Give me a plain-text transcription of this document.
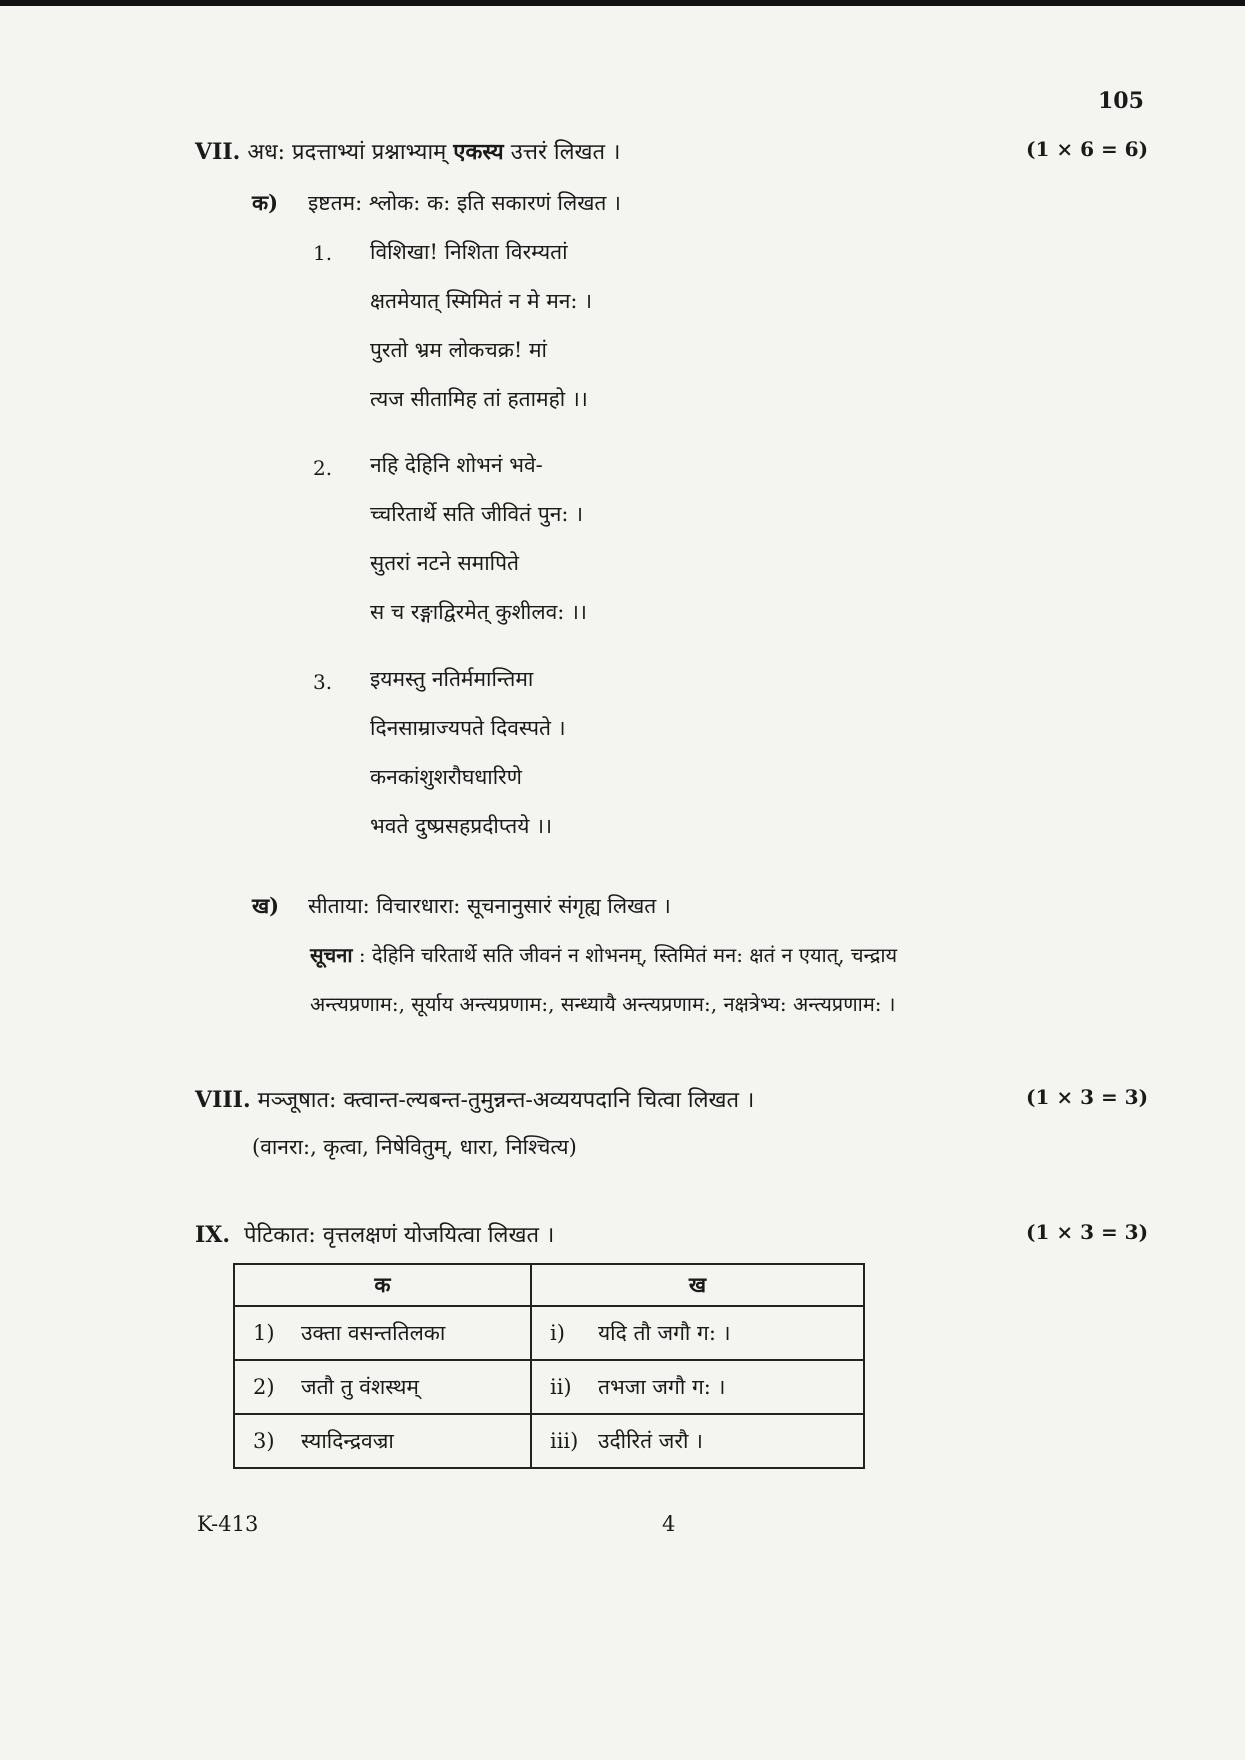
105
VII. अध: प्रदत्ताभ्यां प्रश्नाभ्याम् एकस्य उत्तरं लिखत ।	(1 × 6 = 6)
क) इष्टतम: श्लोक: क: इति सकारणं लिखत ।
1. विशिखा! निशिता विरम्यतां
क्षतमेयात् स्मिमितं न मे मन: ।
पुरतो भ्रम लोकचक्र! मां
त्यज सीतामिह तां हतामहो ।।
2. नहि देहिनि शोभनं भवे-
च्चरितार्थे सति जीवितं पुन: ।
सुतरां नटने समापिते
स च रङ्गाद्विरमेत् कुशीलव: ।।
3. इयमस्तु नतिर्ममान्तिमा
दिनसाम्राज्यपते दिवस्पते ।
कनकांशुशरौघधारिणे
भवते दुष्प्रसहप्रदीप्तये ।।
ख) सीताया: विचारधारा: सूचनानुसारं संगृह्य लिखत ।
सूचना : देहिनि चरितार्थे सति जीवनं न शोभनम्, स्तिमितं मन: क्षतं न एयात्, चन्द्राय
अन्त्यप्रणाम:, सूर्याय अन्त्यप्रणाम:, सन्ध्यायै अन्त्यप्रणाम:, नक्षत्रेभ्य: अन्त्यप्रणाम: ।
VIII. मञ्जूषात: क्त्वान्त-ल्यबन्त-तुमुन्नन्त-अव्ययपदानि चित्वा लिखत ।	(1 × 3 = 3)
(वानरा:, कृत्वा, निषेवितुम्, धारा, निश्चित्य)
IX. पेटिकात: वृत्तलक्षणं योजयित्वा लिखत ।	(1 × 3 = 3)
क	ख
1) उक्ता वसन्ततिलका	i) यदि तौ जगौ ग: ।
2) जतौ तु वंशस्थम्	ii) तभजा जगौ ग: ।
3) स्यादिन्द्रवज्रा	iii) उदीरितं जरौ ।
K-413	4
